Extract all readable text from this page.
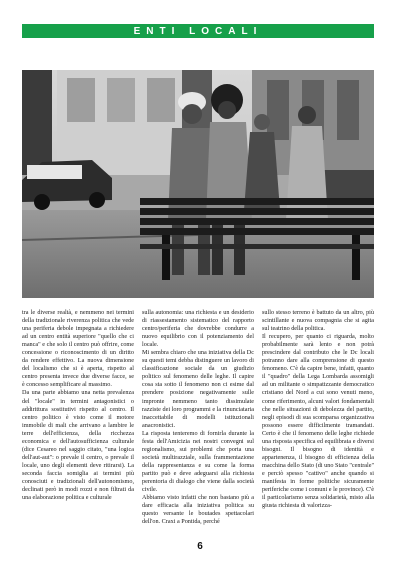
ENTI LOCALI

tra le diverse realtà, e nemmeno nei termini della tradizionale riverenza politica che vede una periferia debole impegnata a richiedere ad un centro entità superiore "quello che ci manca" e che solo il centro può offrire, come concessione o riconoscimento di un diritto da rendere effettivo. La nuova dimensione del localismo che si è aperta, rispetto al centro presenta invece due diverse facce, se è concesso semplificare al massimo.

Da una parte abbiamo una netta prevalenza del "locale" in termini antagonistici o addirittura sostitutivi rispetto al centro. Il centro politico è visto come il motore immobile di mali che arrivano a lambire le terre dell'efficienza, della ricchezza economica e dell'autosufficienza culturale (dice Cesareo nel saggio citato, "una logica dell'aut-aut": o prevale il centro, o prevale il locale, uno degli elementi deve ritirarsi). La seconda faccia somiglia ai termini più conosciuti e tradizionali dell'autonomismo, declinati però in modi rozzi e non filtrati da una elaborazione politica e culturale

sulla autonomia: una richiesta e un desiderio di riassestamento sistematico del rapporto centro/periferia che dovrebbe condurre a nuovo equilibrio con il potenziamento del locale.

Mi sembra chiaro che una iniziativa della Dc su questi temi debba distinguere un lavoro di classificazione sociale da un giudizio politico sul fenomeno delle leghe. Il capire cosa sta sotto il fenomeno non ci esime dal prendere posizione negativamente sulle impronte nemmeno tanto dissimulate razziste dei loro programmi e la rinunciataria inaccettabile di modelli istituzionali anacronistici.

La risposta tenteremo di fornirla durante la festa dell'Amicizia nei nostri convegni sul regionalismo, sui problemi che porta una società multirazziale, sulla frammentazione della rappresentanza e su come la forma partito può e deve adeguarsi alla richiesta perentoria di dialogo che viene dalla società civile.

Abbiamo visto infatti che non bastano più a dare efficacia alla iniziativa politica su questo versante le boutades spettacolari dell'on. Craxi a Pontida, perché

sullo stesso terreno è battuto da un altro, più scintillante e nuova compagnia che si agita sul teatrino della politica.

Il recupero, per quanto ci riguarda, molto probabilmente sarà lento e non potrà prescindere dal contributo che le Dc locali potranno dare alla comprensione di questo fenomeno. C'è da capire bene, infatti, quanto il "quadro" della Lega Lombarda assomigli ad un militante o simpatizzante democratico cristiano del Nord a cui sono venuti meno, come riferimento, alcuni valori fondamentali che nelle situazioni di debolezza del partito, negli episodi di sua scomparsa organizzativa possono essere difficilmente tramandati. Certo è che il fenomeno delle leghe richiede una risposta specifica ed equilibrata e diversi bisogni. Il bisogno di identità e appartenenza, il bisogno di efficienza della macchina dello Stato (di uno Stato "centrale" e perciò spesso "cattivo" anche quando si manifesta in forme politiche sicuramente periferiche come i comuni e le province). C'è il particolarismo senza solidarietà, misto alla giusta richiesta di valorizza-

6
